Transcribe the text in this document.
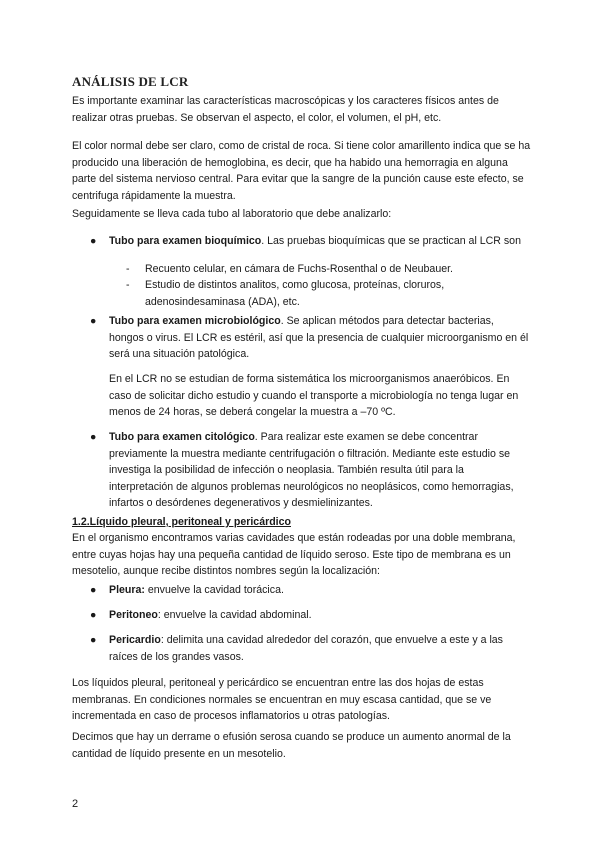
ANÁLISIS DE LCR

Es importante examinar las características macroscópicas y los caracteres físicos antes de realizar otras pruebas. Se observan el aspecto, el color, el volumen, el pH, etc.

El color normal debe ser claro, como de cristal de roca. Si tiene color amarillento indica que se ha producido una liberación de hemoglobina, es decir, que ha habido una hemorragia en alguna parte del sistema nervioso central. Para evitar que la sangre de la punción cause este efecto, se centrifuga rápidamente la muestra.

Seguidamente se lleva cada tubo al laboratorio que debe analizarlo:

● Tubo para examen bioquímico. Las pruebas bioquímicas que se practican al LCR son
- Recuento celular, en cámara de Fuchs-Rosenthal o de Neubauer.
- Estudio de distintos analitos, como glucosa, proteínas, cloruros, adenosindesaminasa (ADA), etc.
● Tubo para examen microbiológico. Se aplican métodos para detectar bacterias, hongos o virus. El LCR es estéril, así que la presencia de cualquier microorganismo en él será una situación patológica.

En el LCR no se estudian de forma sistemática los microorganismos anaeróbicos. En caso de solicitar dicho estudio y cuando el transporte a microbiología no tenga lugar en menos de 24 horas, se deberá congelar la muestra a –70 ºC.

● Tubo para examen citológico. Para realizar este examen se debe concentrar previamente la muestra mediante centrifugación o filtración. Mediante este estudio se investiga la posibilidad de infección o neoplasia. También resulta útil para la interpretación de algunos problemas neurológicos no neoplásicos, como hemorragias, infartos o desórdenes degenerativos y desmielinizantes.

1.2.Líquido pleural, peritoneal y pericárdico

En el organismo encontramos varias cavidades que están rodeadas por una doble membrana, entre cuyas hojas hay una pequeña cantidad de líquido seroso. Este tipo de membrana es un mesotelio, aunque recibe distintos nombres según la localización:

● Pleura: envuelve la cavidad torácica.
● Peritoneo: envuelve la cavidad abdominal.
● Pericardio: delimita una cavidad alrededor del corazón, que envuelve a este y a las raíces de los grandes vasos.

Los líquidos pleural, peritoneal y pericárdico se encuentran entre las dos hojas de estas membranas. En condiciones normales se encuentran en muy escasa cantidad, que se ve incrementada en caso de procesos inflamatorios u otras patologías.

Decimos que hay un derrame o efusión serosa cuando se produce un aumento anormal de la cantidad de líquido presente en un mesotelio.

2
